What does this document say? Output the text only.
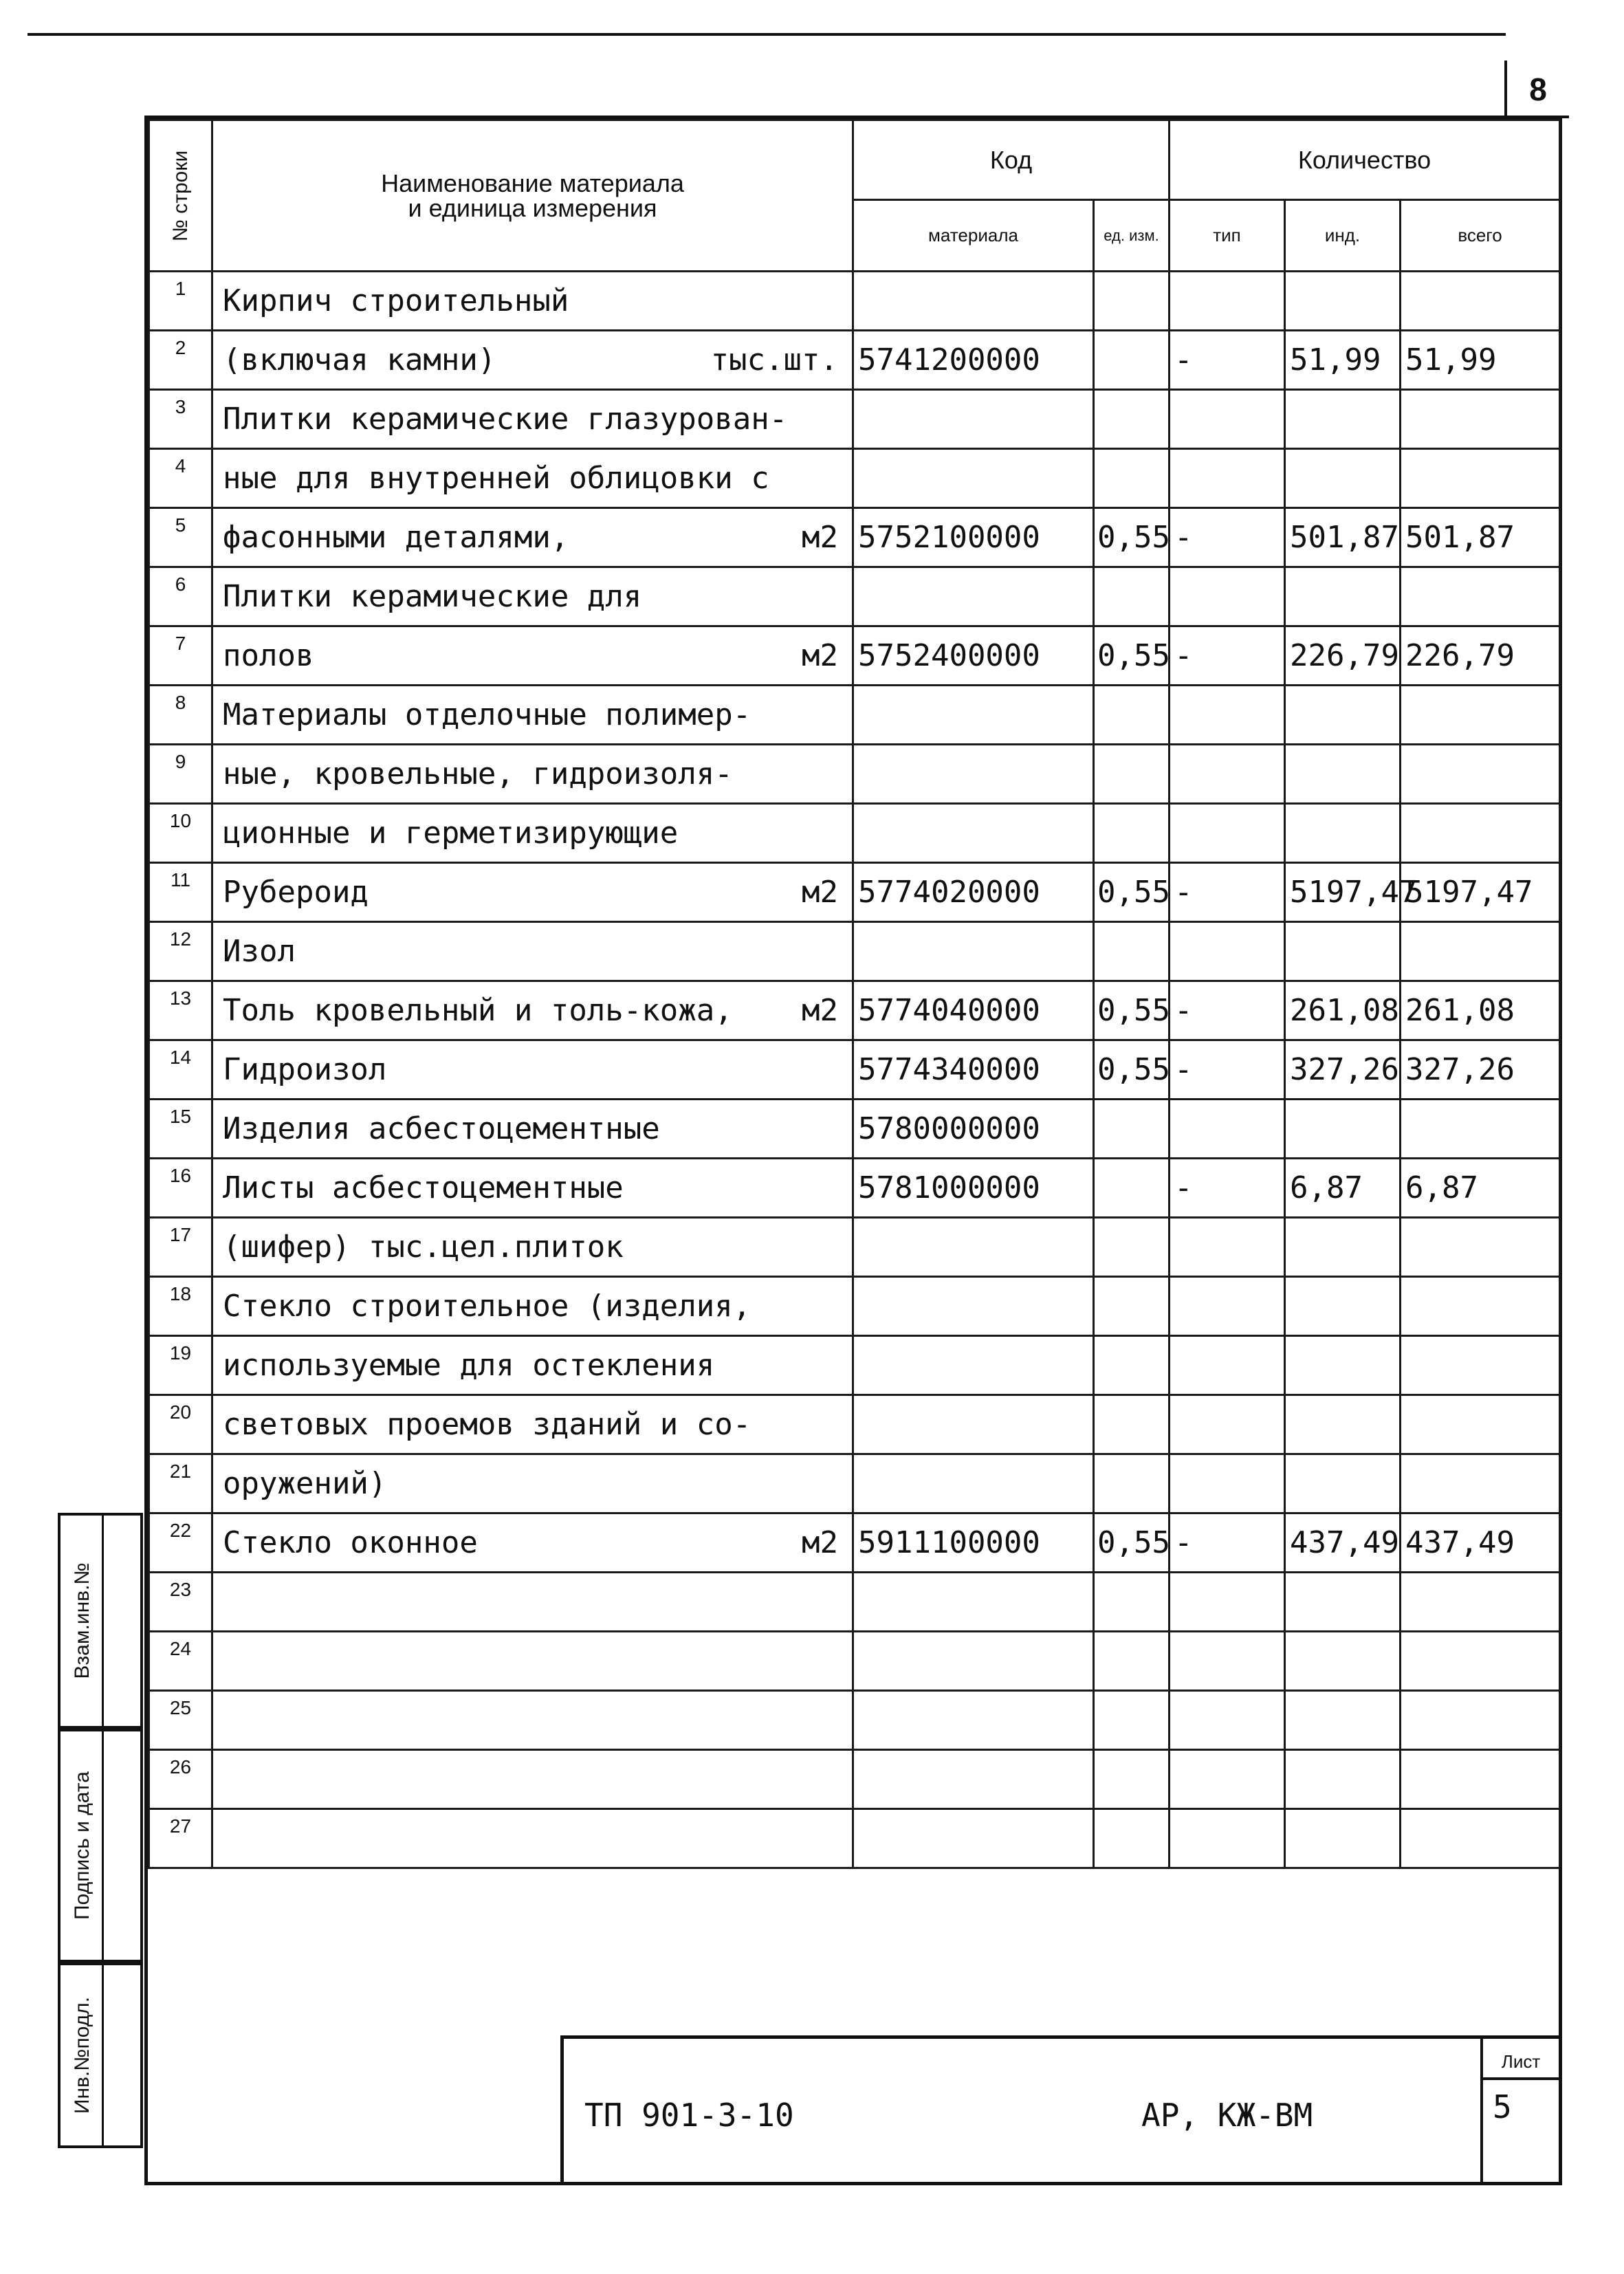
8
№ строки	Наименование материала
и единица измерения	Код		Количество		
		материала	ед. изм.	тип	инд.	всего
1	Кирпич строительный

2	(включая камни) тыс.шт.	5741200000		-	51,99	51,99
3	Плитки керамические глазурован-

4	ные для внутренней облицовки с

5	фасонными деталями, м2	5752100000	0,55	-	501,87	501,87
6	Плитки керамические для

7	полов м2	5752400000	0,55	-	226,79	226,79
8	Материалы отделочные полимер-

9	ные, кровельные, гидроизоля-

10	ционные и герметизирующие

11	Рубероид м2	5774020000	0,55	-	5197,47	5197,47
12	Изол

13	Толь кровельный и толь-кожа, м2	5774040000	0,55	-	261,08	261,08
14	Гидроизол	5774340000	0,55	-	327,26	327,26
15	Изделия асбестоцементные	5780000000				
16	Листы асбестоцементные	5781000000		-	6,87	6,87
17	(шифер) тыс.цел.плиток

18	Стекло строительное (изделия,

19	используемые для остекления

20	световых проемов зданий и со-

21	оружений)

22	Стекло оконное м2	5911100000	0,55	-	437,49	437,49
23	

24	

25	

26	

27	

Взам.инв.№
Подпись и дата
Инв.№подл.
ТП 901-3-10	АР, КЖ-ВМ
Лист
5
